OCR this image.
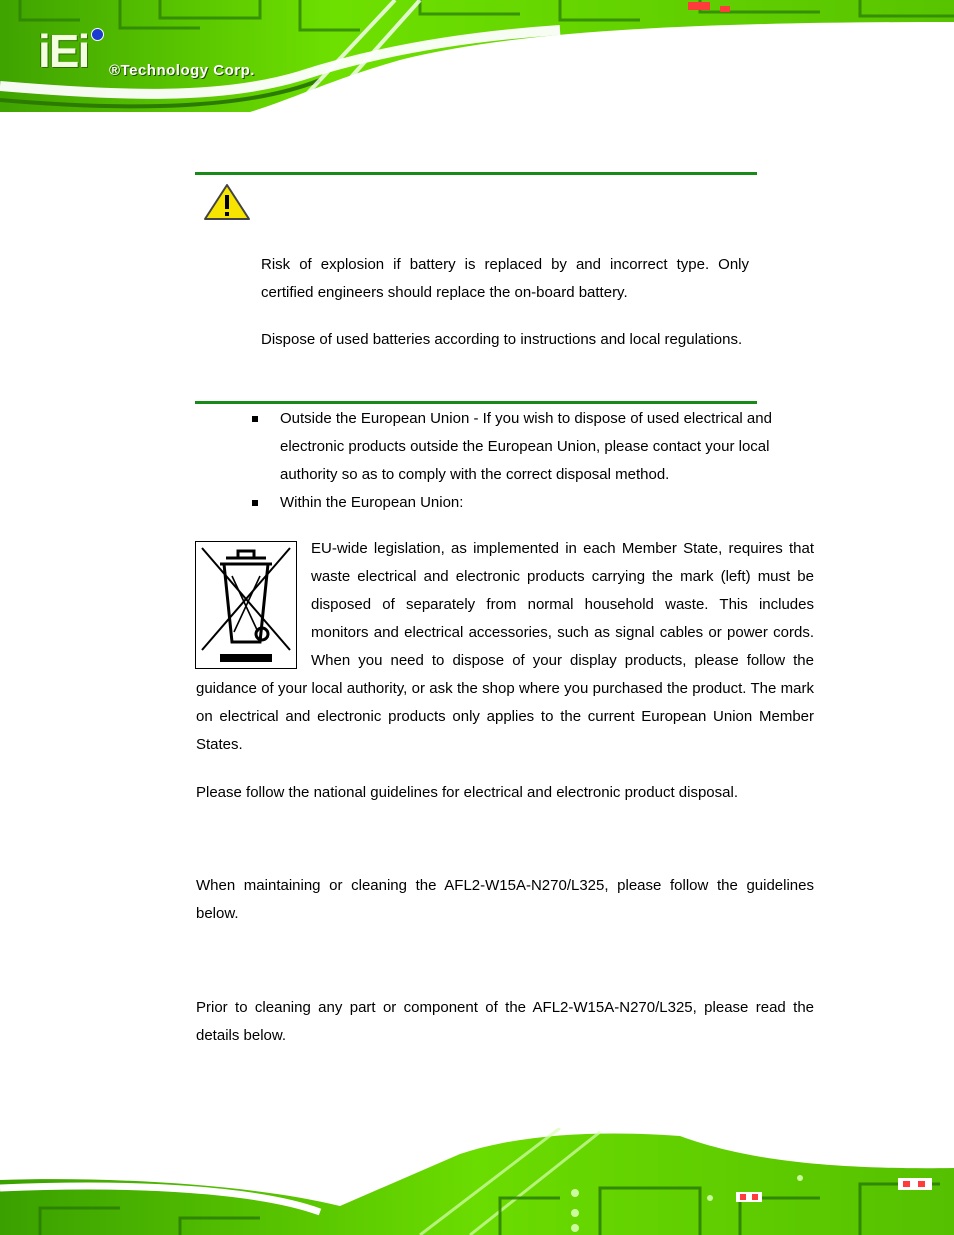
iEi ®Technology Corp.

Risk of explosion if battery is replaced by and incorrect type. Only certified engineers should replace the on-board battery.

Dispose of used batteries according to instructions and local regulations.

Outside the European Union - If you wish to dispose of used electrical and electronic products outside the European Union, please contact your local authority so as to comply with the correct disposal method.
Within the European Union:

EU-wide legislation, as implemented in each Member State, requires that waste electrical and electronic products carrying the mark (left) must be disposed of separately from normal household waste. This includes monitors and electrical accessories, such as signal cables or power cords. When you need to dispose of your display products, please follow the guidance of your local authority, or ask the shop where you purchased the product. The mark on electrical and electronic products only applies to the current European Union Member States.

Please follow the national guidelines for electrical and electronic product disposal.

When maintaining or cleaning the AFL2-W15A-N270/L325, please follow the guidelines below.

Prior to cleaning any part or component of the AFL2-W15A-N270/L325, please read the details below.
